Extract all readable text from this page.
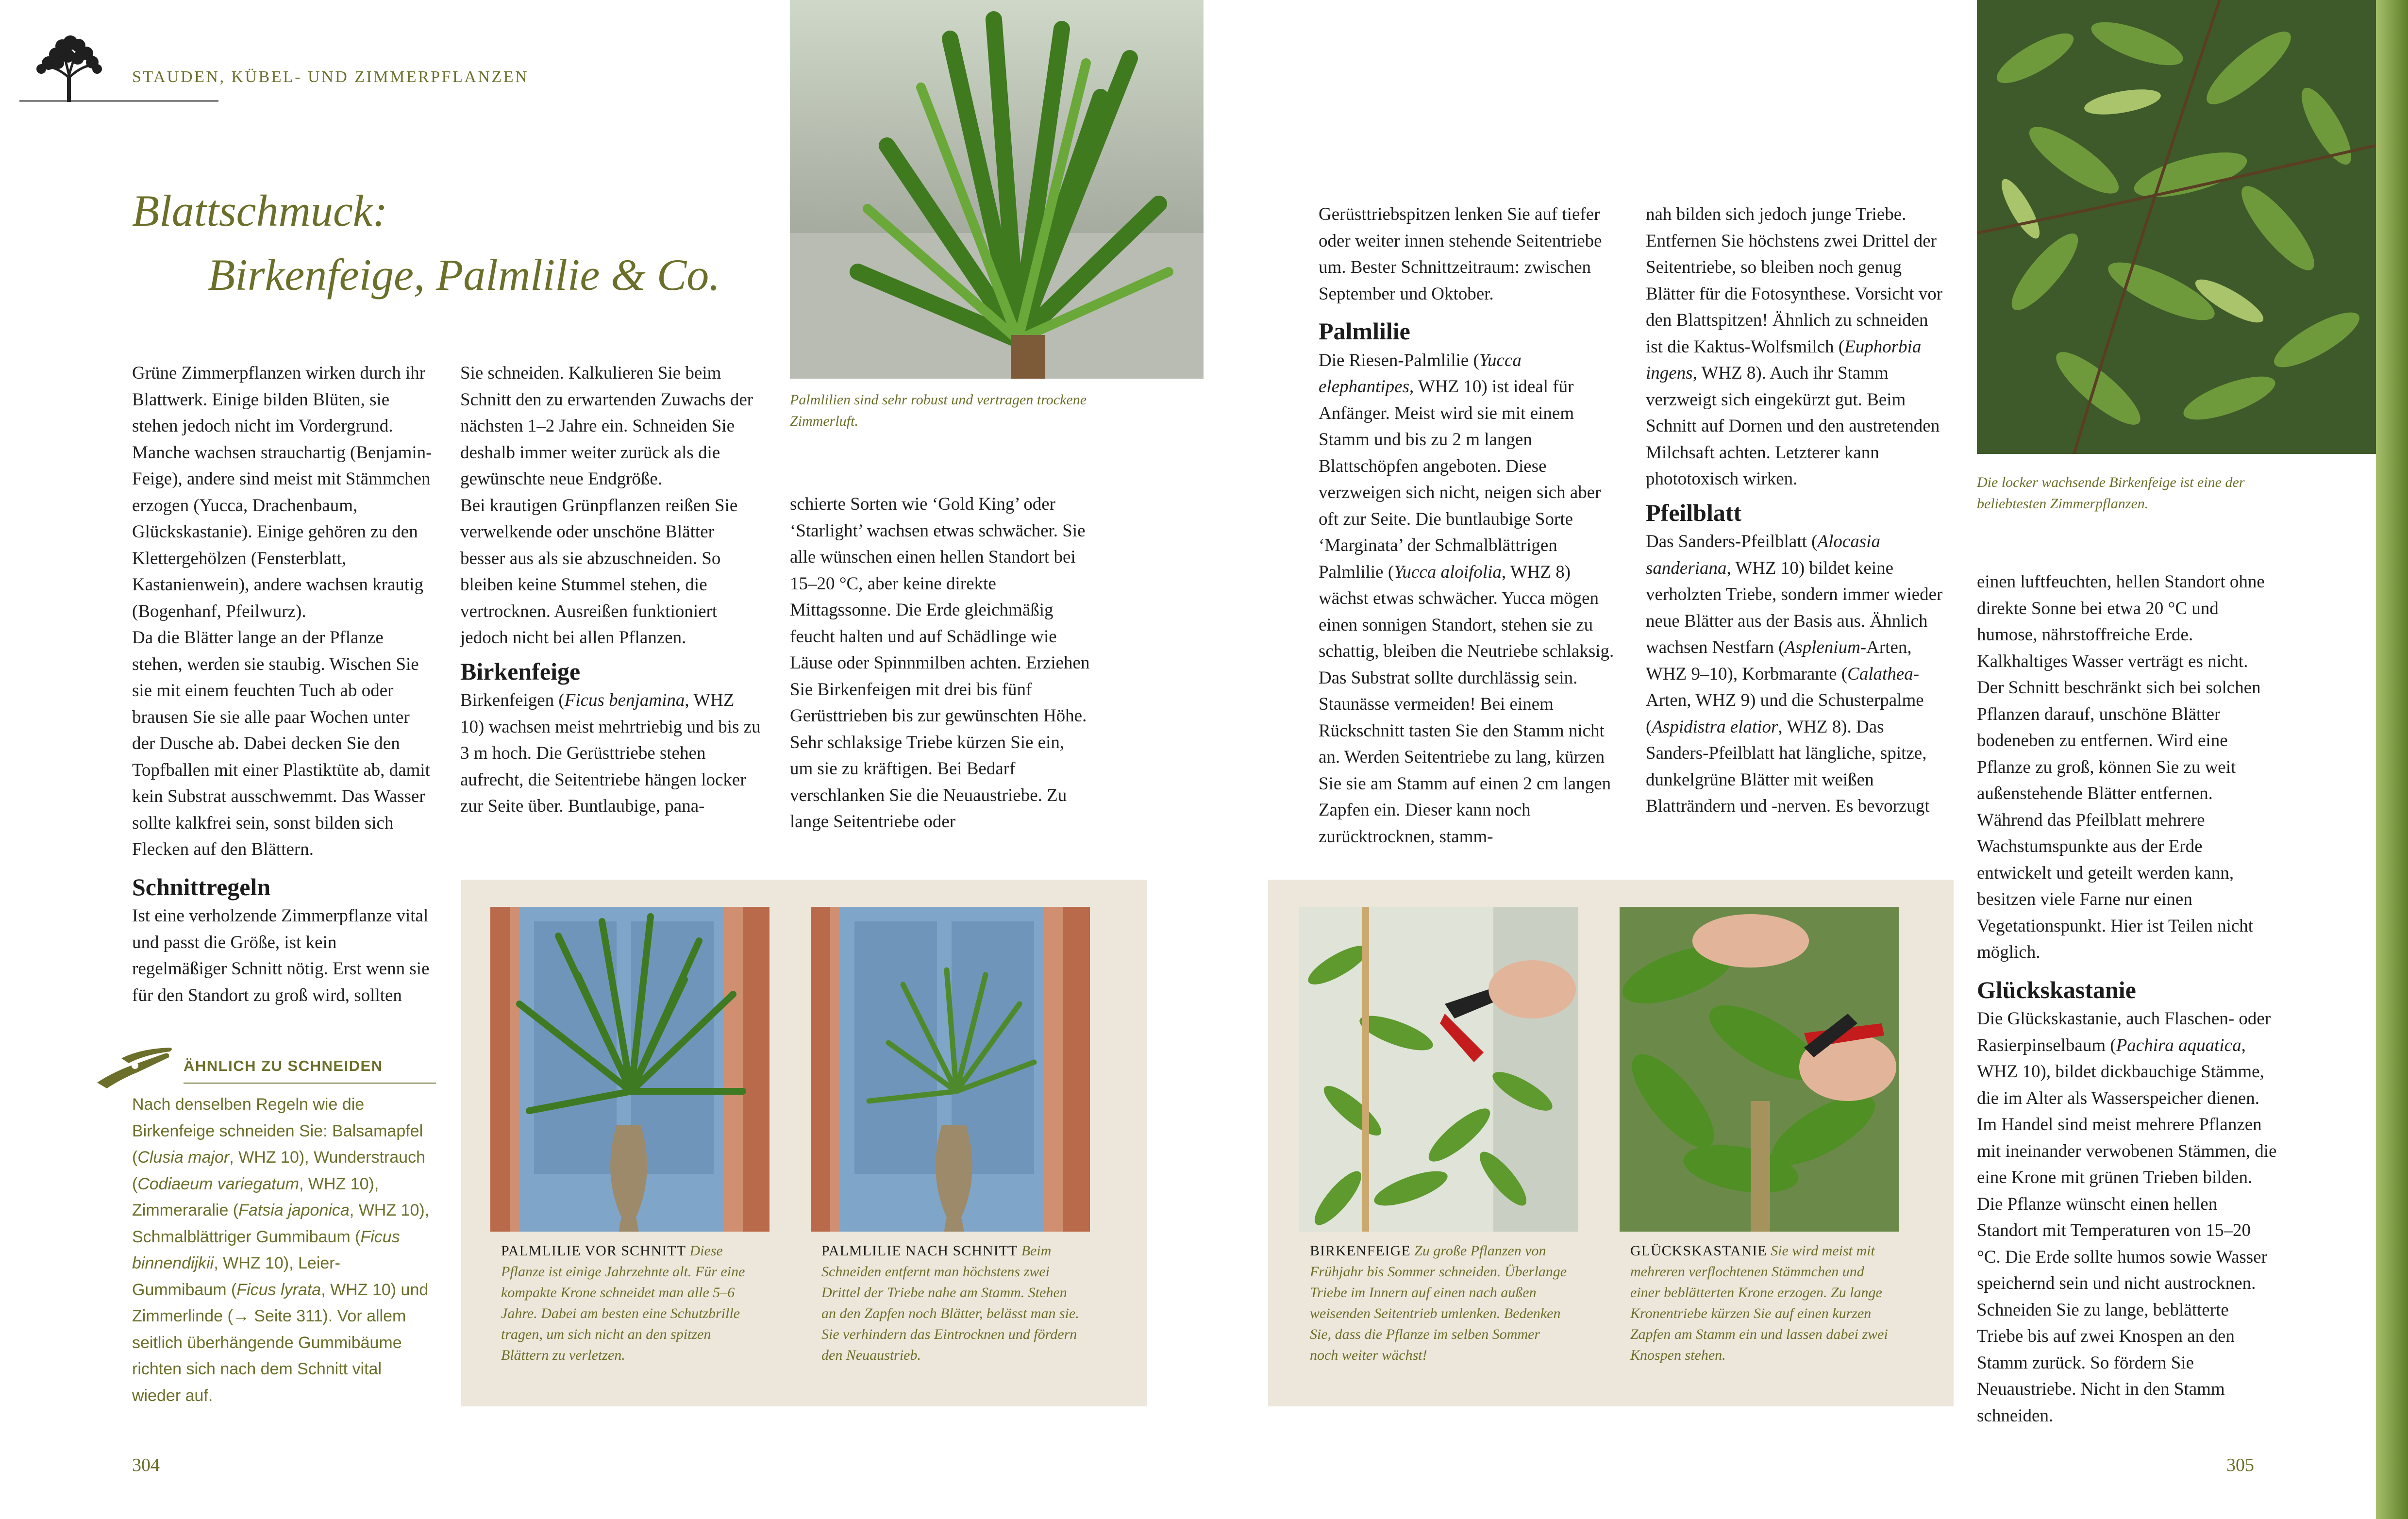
STAUDEN, KÜBEL- UND ZIMMERPFLANZEN
Blattschmuck:
Birkenfeige, Palmlilie & Co.

Grüne Zimmerpflanzen wirken durch ihr Blattwerk. Einige bilden Blüten, sie stehen jedoch nicht im Vordergrund. Manche wachsen strauchartig (Benjamin-Feige), andere sind meist mit Stämmchen erzogen (Yucca, Drachenbaum, Glückskastanie). Einige gehören zu den Klettergehölzen (Fensterblatt, Kastanienwein), andere wachsen krautig (Bogenhanf, Pfeilwurz).

Da die Blätter lange an der Pflanze stehen, werden sie staubig. Wischen Sie sie mit einem feuchten Tuch ab oder brausen Sie sie alle paar Wochen unter der Dusche ab. Dabei decken Sie den Topfballen mit einer Plastiktüte ab, damit kein Substrat ausschwemmt. Das Wasser sollte kalkfrei sein, sonst bilden sich Flecken auf den Blättern.

Schnittregeln

Ist eine verholzende Zimmerpflanze vital und passt die Größe, ist kein regelmäßiger Schnitt nötig. Erst wenn sie für den Standort zu groß wird, sollten

ÄHNLICH ZU SCHNEIDEN
Nach denselben Regeln wie die Birkenfeige schneiden Sie: Balsamapfel (Clusia major, WHZ 10), Wunderstrauch (Codiaeum variegatum, WHZ 10), Zimmeraralie (Fatsia japonica, WHZ 10), Schmalblättriger Gummibaum (Ficus binnendijkii, WHZ 10), Leier-Gummibaum (Ficus lyrata, WHZ 10) und Zimmerlinde (→ Seite 311). Vor allem seitlich überhängende Gummibäume richten sich nach dem Schnitt vital wieder auf.

Sie schneiden. Kalkulieren Sie beim Schnitt den zu erwartenden Zuwachs der nächsten 1–2 Jahre ein. Schneiden Sie deshalb immer weiter zurück als die gewünschte neue Endgröße.

Bei krautigen Grünpflanzen reißen Sie verwelkende oder unschöne Blätter besser aus als sie abzuschneiden. So bleiben keine Stummel stehen, die vertrocknen. Ausreißen funktioniert jedoch nicht bei allen Pflanzen.

Birkenfeige

Birkenfeigen (Ficus benjamina, WHZ 10) wachsen meist mehrtriebig und bis zu 3 m hoch. Die Gerüsttriebe stehen aufrecht, die Seitentriebe hängen locker zur Seite über. Buntlaubige, pana-

Palmlilien sind sehr robust und vertragen trockene Zimmerluft.

schierte Sorten wie ‘Gold King’ oder ‘Starlight’ wachsen etwas schwächer. Sie alle wünschen einen hellen Standort bei 15–20 °C, aber keine direkte Mittagssonne. Die Erde gleichmäßig feucht halten und auf Schädlinge wie Läuse oder Spinnmilben achten. Erziehen Sie Birkenfeigen mit drei bis fünf Gerüsttrieben bis zur gewünschten Höhe. Sehr schlaksige Triebe kürzen Sie ein, um sie zu kräftigen. Bei Bedarf verschlanken Sie die Neuaustriebe. Zu lange Seitentriebe oder

PALMLILIE VOR SCHNITT Diese Pflanze ist einige Jahrzehnte alt. Für eine kompakte Krone schneidet man alle 5–6 Jahre. Dabei am besten eine Schutzbrille tragen, um sich nicht an den spitzen Blättern zu verletzen.
PALMLILIE NACH SCHNITT Beim Schneiden entfernt man höchstens zwei Drittel der Triebe nahe am Stamm. Stehen an den Zapfen noch Blätter, belässt man sie. Sie verhindern das Eintrocknen und fördern den Neuaustrieb.
304

Gerüsttriebspitzen lenken Sie auf tiefer oder weiter innen stehende Seitentriebe um. Bester Schnittzeitraum: zwischen September und Oktober.

Palmlilie

Die Riesen-Palmlilie (Yucca elephantipes, WHZ 10) ist ideal für Anfänger. Meist wird sie mit einem Stamm und bis zu 2 m langen Blattschöpfen angeboten. Diese verzweigen sich nicht, neigen sich aber oft zur Seite. Die buntlaubige Sorte ‘Marginata’ der Schmalblättrigen Palmlilie (Yucca aloifolia, WHZ 8) wächst etwas schwächer. Yucca mögen einen sonnigen Standort, stehen sie zu schattig, bleiben die Neutriebe schlaksig. Das Substrat sollte durchlässig sein. Staunässe vermeiden! Bei einem Rückschnitt tasten Sie den Stamm nicht an. Werden Seitentriebe zu lang, kürzen Sie sie am Stamm auf einen 2 cm langen Zapfen ein. Dieser kann noch zurücktrocknen, stamm-

nah bilden sich jedoch junge Triebe. Entfernen Sie höchstens zwei Drittel der Seitentriebe, so bleiben noch genug Blätter für die Fotosynthese. Vorsicht vor den Blattspitzen! Ähnlich zu schneiden ist die Kaktus-Wolfsmilch (Euphorbia ingens, WHZ 8). Auch ihr Stamm verzweigt sich eingekürzt gut. Beim Schnitt auf Dornen und den austretenden Milchsaft achten. Letzterer kann phototoxisch wirken.

Pfeilblatt

Das Sanders-Pfeilblatt (Alocasia sanderiana, WHZ 10) bildet keine verholzten Triebe, sondern immer wieder neue Blätter aus der Basis aus. Ähnlich wachsen Nestfarn (Asplenium-Arten, WHZ 9–10), Korbmarante (Calathea-Arten, WHZ 9) und die Schusterpalme (Aspidistra elatior, WHZ 8). Das Sanders-Pfeilblatt hat längliche, spitze, dunkelgrüne Blätter mit weißen Blatträndern und -nerven. Es bevorzugt

Die locker wachsende Birkenfeige ist eine der beliebtesten Zimmerpflanzen.

einen luftfeuchten, hellen Standort ohne direkte Sonne bei etwa 20 °C und humose, nährstoffreiche Erde. Kalkhaltiges Wasser verträgt es nicht. Der Schnitt beschränkt sich bei solchen Pflanzen darauf, unschöne Blätter bodeneben zu entfernen. Wird eine Pflanze zu groß, können Sie zu weit außenstehende Blätter entfernen. Während das Pfeilblatt mehrere Wachstumspunkte aus der Erde entwickelt und geteilt werden kann, besitzen viele Farne nur einen Vegetationspunkt. Hier ist Teilen nicht möglich.

Glückskastanie

Die Glückskastanie, auch Flaschen- oder Rasierpinselbaum (Pachira aquatica, WHZ 10), bildet dickbauchige Stämme, die im Alter als Wasserspeicher dienen. Im Handel sind meist mehrere Pflanzen mit ineinander verwobenen Stämmen, die eine Krone mit grünen Trieben bilden. Die Pflanze wünscht einen hellen Standort mit Temperaturen von 15–20 °C. Die Erde sollte humos sowie Wasser speichernd sein und nicht austrocknen. Schneiden Sie zu lange, beblätterte Triebe bis auf zwei Knospen an den Stamm zurück. So fördern Sie Neuaustriebe. Nicht in den Stamm schneiden.

BIRKENFEIGE Zu große Pflanzen von Frühjahr bis Sommer schneiden. Überlange Triebe im Innern auf einen nach außen weisenden Seitentrieb umlenken. Bedenken Sie, dass die Pflanze im selben Sommer noch weiter wächst!
GLÜCKSKASTANIE Sie wird meist mit mehreren verflochtenen Stämmchen und einer beblätterten Krone erzogen. Zu lange Kronentriebe kürzen Sie auf einen kurzen Zapfen am Stamm ein und lassen dabei zwei Knospen stehen.
305
